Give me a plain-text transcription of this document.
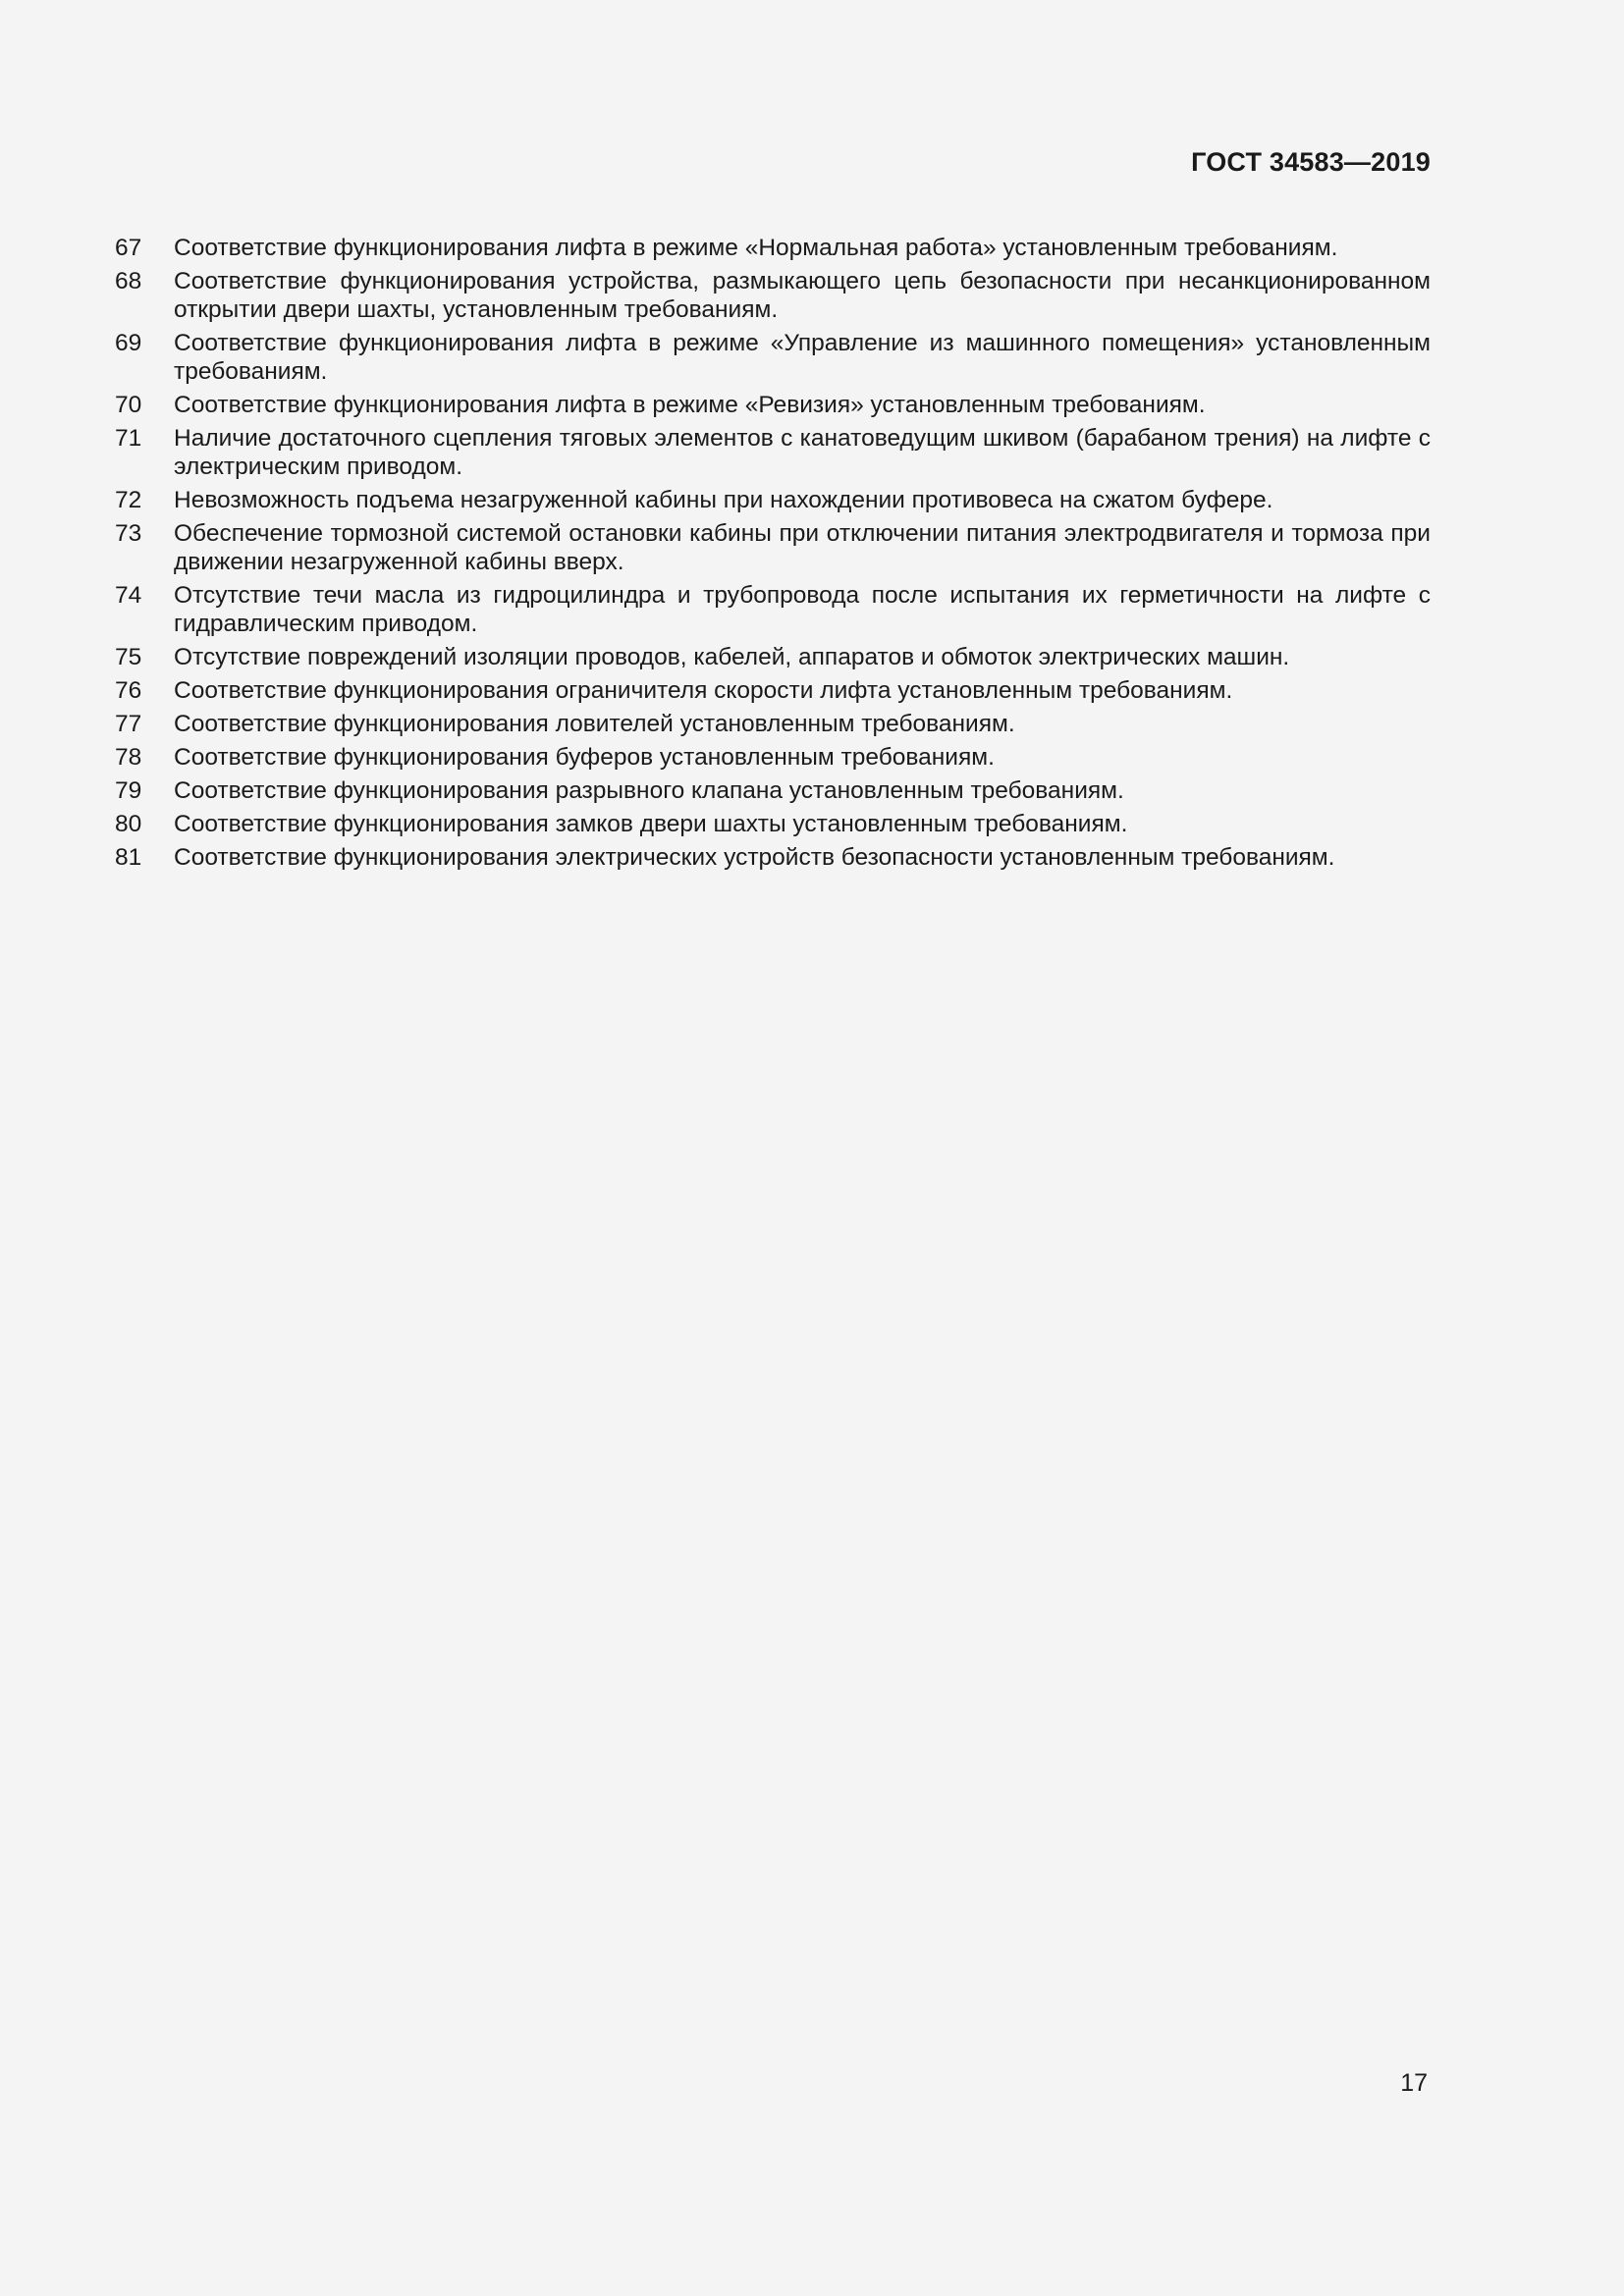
ГОСТ 34583—2019
67	Соответствие функционирования лифта в режиме «Нормальная работа» установленным требованиям.
68	Соответствие функционирования устройства, размыкающего цепь безопасности при несанкционированном открытии двери шахты, установленным требованиям.
69	Соответствие функционирования лифта в режиме «Управление из машинного помещения» установленным требованиям.
70	Соответствие функционирования лифта в режиме «Ревизия» установленным требованиям.
71	Наличие достаточного сцепления тяговых элементов с канатоведущим шкивом (барабаном трения) на лифте с электрическим приводом.
72	Невозможность подъема незагруженной кабины при нахождении противовеса на сжатом буфере.
73	Обеспечение тормозной системой остановки кабины при отключении питания электродвигателя и тормоза при движении незагруженной кабины вверх.
74	Отсутствие течи масла из гидроцилиндра и трубопровода после испытания их герметичности на лифте с гидравлическим приводом.
75	Отсутствие повреждений изоляции проводов, кабелей, аппаратов и обмоток электрических машин.
76	Соответствие функционирования ограничителя скорости лифта установленным требованиям.
77	Соответствие функционирования ловителей установленным требованиям.
78	Соответствие функционирования буферов установленным требованиям.
79	Соответствие функционирования разрывного клапана установленным требованиям.
80	Соответствие функционирования замков двери шахты установленным требованиям.
81	Соответствие функционирования электрических устройств безопасности установленным требованиям.
17
